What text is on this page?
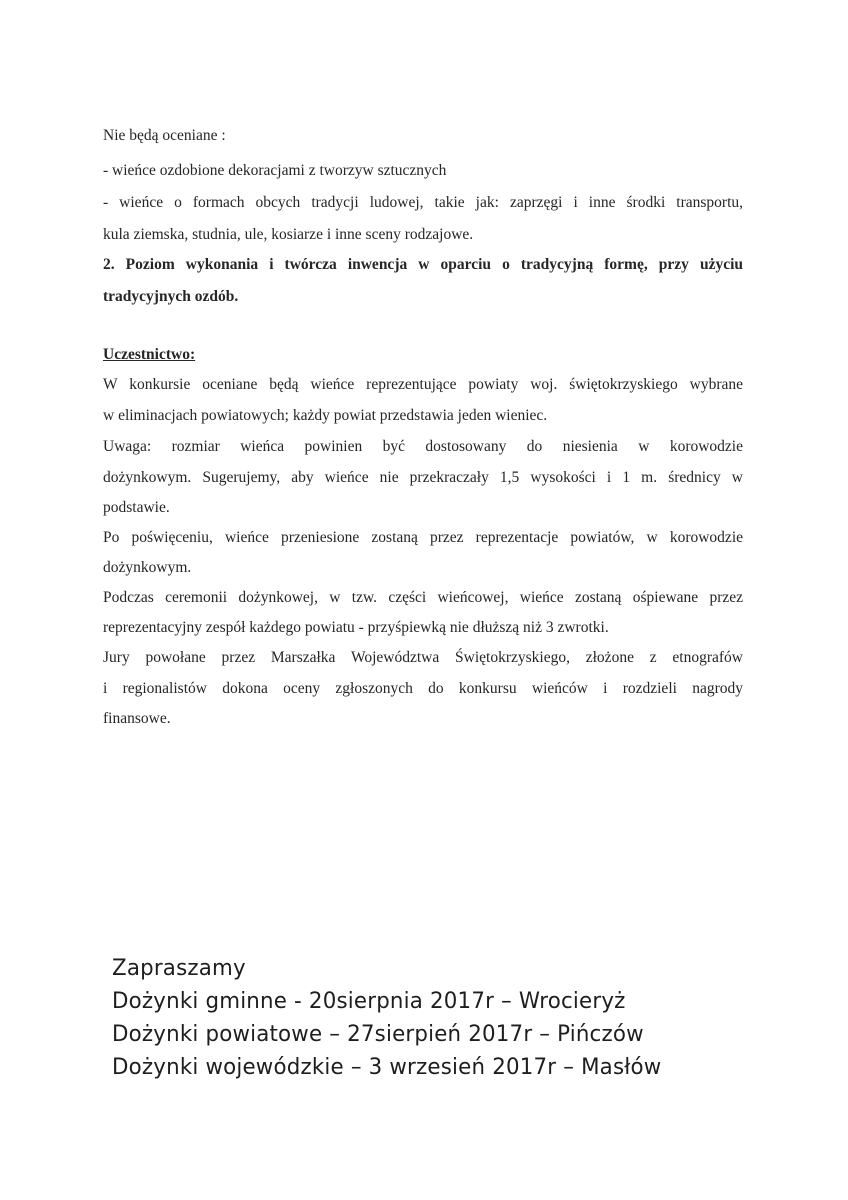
Nie będą oceniane :
- wieńce ozdobione dekoracjami z tworzyw sztucznych
- wieńce o formach obcych tradycji ludowej, takie jak: zaprzęgi i inne środki transportu,
kula ziemska, studnia, ule, kosiarze i inne sceny rodzajowe.
2. Poziom wykonania i twórcza inwencja w oparciu o tradycyjną formę, przy użyciu
tradycyjnych ozdób.
Uczestnictwo:
W konkursie oceniane będą wieńce reprezentujące powiaty woj. świętokrzyskiego wybrane
w eliminacjach powiatowych; każdy powiat przedstawia jeden wieniec.
Uwaga: rozmiar wieńca powinien być dostosowany do niesienia w korowodzie
dożynkowym. Sugerujemy, aby wieńce nie przekraczały 1,5 wysokości i 1 m. średnicy w
podstawie.
Po poświęceniu, wieńce przeniesione zostaną przez reprezentacje powiatów, w korowodzie
dożynkowym.
Podczas ceremonii dożynkowej, w tzw. części wieńcowej, wieńce zostaną ośpiewane przez
reprezentacyjny zespół każdego powiatu - przyśpiewką nie dłuższą niż 3 zwrotki.
Jury powołane przez Marszałka Województwa Świętokrzyskiego, złożone z etnografów
i regionalistów dokona oceny zgłoszonych do konkursu wieńców i rozdzieli nagrody
finansowe.
Zapraszamy
Dożynki gminne - 20sierpnia 2017r – Wrocieryż
Dożynki powiatowe – 27sierpień 2017r – Pińczów
Dożynki wojewódzkie – 3 wrzesień 2017r – Masłów
